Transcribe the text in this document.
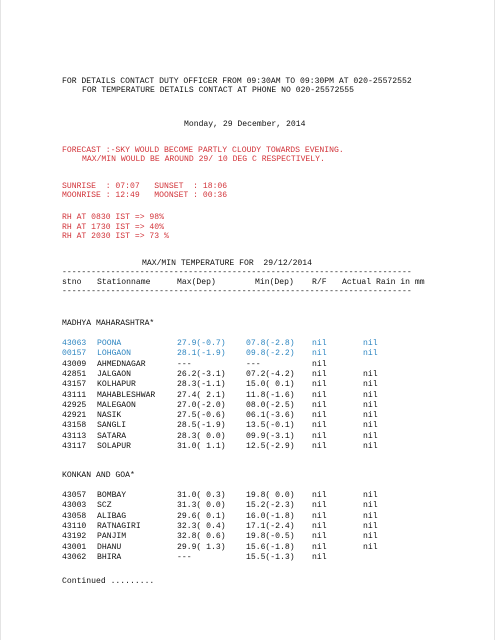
FOR DETAILS CONTACT DUTY OFFICER FROM 09:30AM TO 09:30PM AT 020-25572552
FOR TEMPERATURE DETAILS CONTACT AT PHONE NO 020-25572555
Monday, 29 December, 2014
FORECAST :-SKY WOULD BECOME PARTLY CLOUDY TOWARDS EVENING.
MAX/MIN WOULD BE AROUND 29/ 10 DEG C RESPECTIVELY.
SUNRISE  : 07:07   SUNSET  : 18:06
MOONRISE : 12:49   MOONSET : 00:36
RH AT 0830 IST => 98%
RH AT 1730 IST => 40%
RH AT 2030 IST => 73 %
MAX/MIN TEMPERATURE FOR  29/12/2014
------------------------------------------------------------------------
stno Stationname	Max(Dep)	Min(Dep) R/F Actual Rain in mm
------------------------------------------------------------------------
MADHYA MAHARASHTRA*
43063 POONA	27.9(-0.7)	07.8(-2.8) nil	nil
00157 LOHGAON	28.1(-1.9)	09.8(-2.2) nil	nil
43009 AHMEDNAGAR	---	---	nil
42851 JALGAON	26.2(-3.1)	07.2(-4.2) nil	nil
43157 KOLHAPUR	28.3(-1.1)	15.0( 0.1) nil	nil
43111 MAHABLESHWAR	27.4( 2.1)	11.8(-1.6) nil	nil
42925 MALEGAON	27.0(-2.0)	08.0(-2.5) nil	nil
42921 NASIK	27.5(-0.6)	06.1(-3.6) nil	nil
43158 SANGLI	28.5(-1.9)	13.5(-0.1) nil	nil
43113 SATARA	28.3( 0.0)	09.9(-3.1) nil	nil
43117 SOLAPUR	31.0( 1.1)	12.5(-2.9) nil	nil
KONKAN AND GOA*
43057 BOMBAY	31.0( 0.3)	19.8( 0.0) nil	nil
43003 SCZ	31.3( 0.0)	15.2(-2.3) nil	nil
43058 ALIBAG	29.6( 0.1)	16.0(-1.8) nil	nil
43110 RATNAGIRI	32.3( 0.4)	17.1(-2.4) nil	nil
43192 PANJIM	32.8( 0.6)	19.8(-0.5) nil	nil
43001 DHANU	29.9( 1.3)	15.6(-1.8) nil	nil
43062 BHIRA	---	15.5(-1.3) nil
Continued .........
